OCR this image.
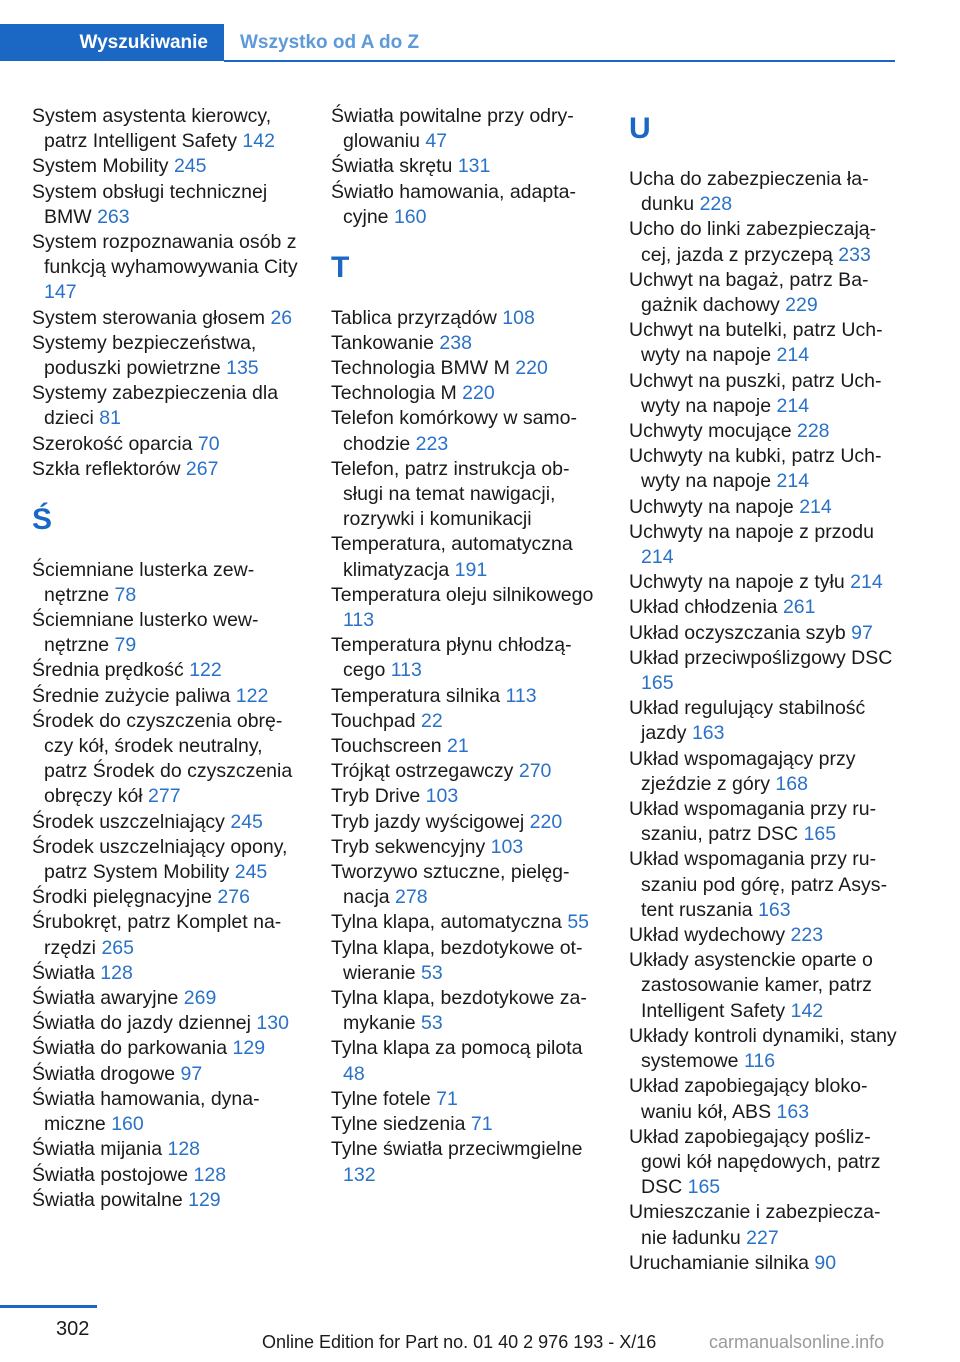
Wyszukiwanie	Wszystko od A do Z
System asystenta kierowcy, patrz Intelligent Safety 142
System Mobility 245
System obsługi technicznej BMW 263
System rozpoznawania osób z funkcją wyhamowywania City 147
System sterowania głosem 26
Systemy bezpieczeństwa, poduszki powietrzne 135
Systemy zabezpieczenia dla dzieci 81
Szerokość oparcia 70
Szkła reflektorów 267
Ś
Ściemniane lusterka zewnętrzne 78
Ściemniane lusterko wewnętrzne 79
Średnia prędkość 122
Średnie zużycie paliwa 122
Środek do czyszczenia obręczy kół, środek neutralny, patrz Środek do czyszczenia obręczy kół 277
Środek uszczelniający 245
Środek uszczelniający opony, patrz System Mobility 245
Środki pielęgnacyjne 276
Śrubokręt, patrz Komplet narzędzi 265
Światła 128
Światła awaryjne 269
Światła do jazdy dziennej 130
Światła do parkowania 129
Światła drogowe 97
Światła hamowania, dynamiczne 160
Światła mijania 128
Światła postojowe 128
Światła powitalne 129
Światła powitalne przy odryglowaniu 47
Światła skrętu 131
Światło hamowania, adaptacyjne 160
T
Tablica przyrządów 108
Tankowanie 238
Technologia BMW M 220
Technologia M 220
Telefon komórkowy w samochodzie 223
Telefon, patrz instrukcja obsługi na temat nawigacji, rozrywki i komunikacji
Temperatura, automatyczna klimatyzacja 191
Temperatura oleju silnikowego 113
Temperatura płynu chłodzącego 113
Temperatura silnika 113
Touchpad 22
Touchscreen 21
Trójkąt ostrzegawczy 270
Tryb Drive 103
Tryb jazdy wyścigowej 220
Tryb sekwencyjny 103
Tworzywo sztuczne, pielęgnacja 278
Tylna klapa, automatyczna 55
Tylna klapa, bezdotykowe otwieranie 53
Tylna klapa, bezdotykowe zamykanie 53
Tylna klapa za pomocą pilota 48
Tylne fotele 71
Tylne siedzenia 71
Tylne światła przeciwmgielne 132
U
Ucha do zabezpieczenia ładunku 228
Ucho do linki zabezpieczającej, jazda z przyczepą 233
Uchwyt na bagaż, patrz Bagażnik dachowy 229
Uchwyt na butelki, patrz Uchwyty na napoje 214
Uchwyt na puszki, patrz Uchwyty na napoje 214
Uchwyty mocujące 228
Uchwyty na kubki, patrz Uchwyty na napoje 214
Uchwyty na napoje 214
Uchwyty na napoje z przodu 214
Uchwyty na napoje z tyłu 214
Układ chłodzenia 261
Układ oczyszczania szyb 97
Układ przeciwpoślizgowy DSC 165
Układ regulujący stabilność jazdy 163
Układ wspomagający przy zjeździe z góry 168
Układ wspomagania przy ruszaniu, patrz DSC 165
Układ wspomagania przy ruszaniu pod górę, patrz Asystent ruszania 163
Układ wydechowy 223
Układy asystenckie oparte o zastosowanie kamer, patrz Intelligent Safety 142
Układy kontroli dynamiki, stany systemowe 116
Układ zapobiegający blokowaniu kół, ABS 163
Układ zapobiegający poślizgowi kół napędowych, patrz DSC 165
Umieszczanie i zabezpieczanie ładunku 227
Uruchamianie silnika 90
302
Online Edition for Part no. 01 40 2 976 193 - X/16	carmanualsonline.info
